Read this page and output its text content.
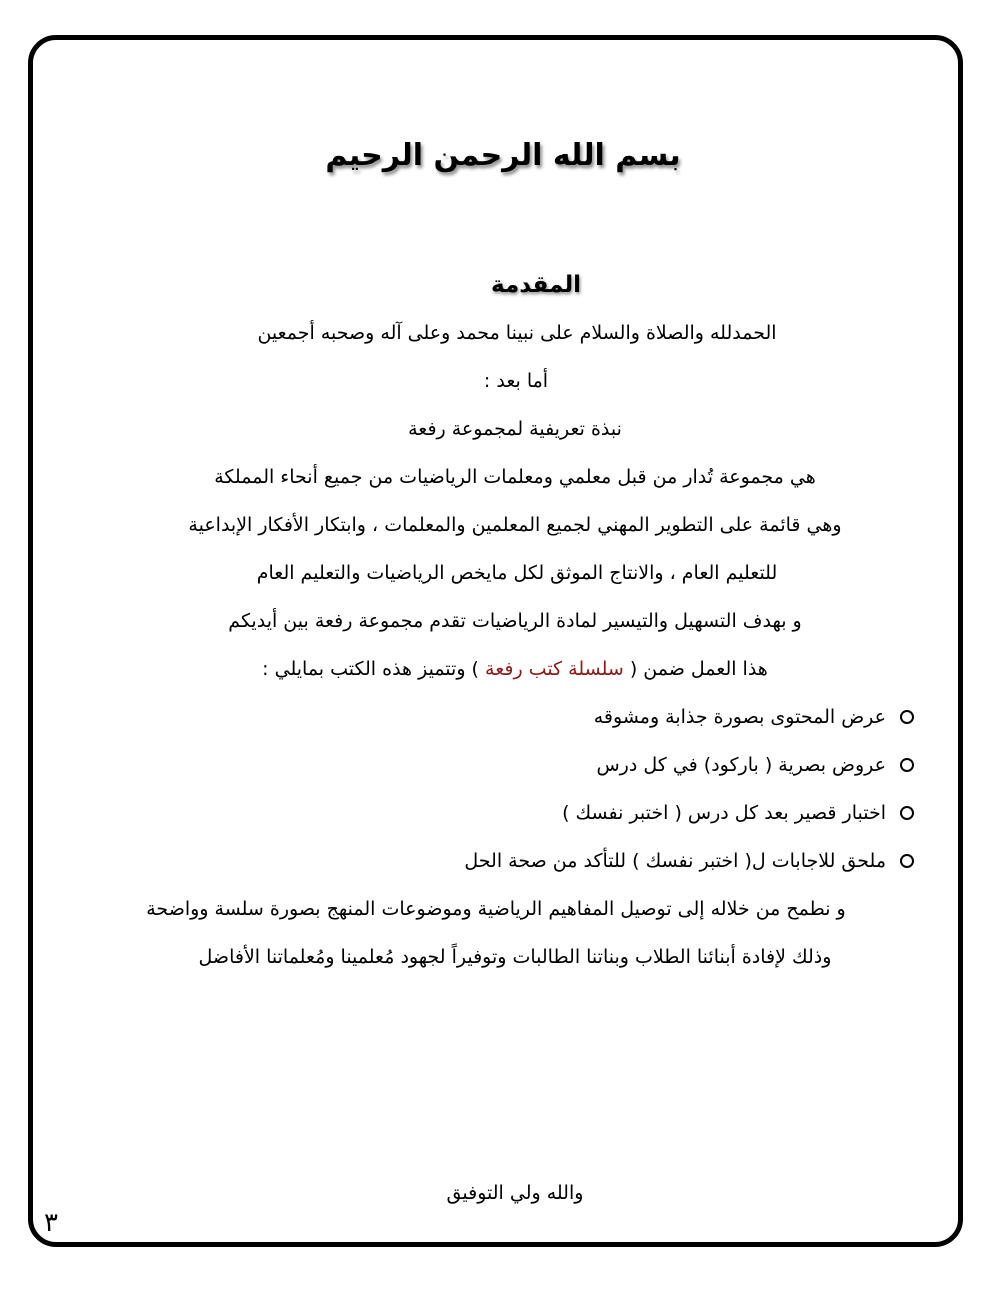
بسم الله الرحمن الرحيم
المقدمة
الحمدلله والصلاة والسلام على نبينا محمد وعلى آله وصحبه أجمعين
أما بعد :
نبذة تعريفية لمجموعة رفعة
هي مجموعة تُدار من قبل معلمي ومعلمات الرياضيات من جميع أنحاء المملكة
وهي قائمة على التطوير المهني لجميع المعلمين والمعلمات ، وابتكار الأفكار الإبداعية
للتعليم العام ، والانتاج الموثق لكل مايخص الرياضيات والتعليم العام
و بهدف التسهيل والتيسير لمادة الرياضيات تقدم مجموعة رفعة بين أيديكم
هذا العمل ضمن ( سلسلة كتب رفعة ) وتتميز هذه الكتب بمايلي :
عرض المحتوى بصورة جذابة ومشوقه
عروض بصرية ( باركود) في كل درس
اختبار قصير بعد كل درس ( اختبر نفسك )
ملحق للاجابات ل( اختبر نفسك ) للتأكد من صحة الحل
و نطمح من خلاله إلى توصيل المفاهيم الرياضية وموضوعات المنهج بصورة سلسة وواضحة
وذلك لإفادة أبنائنا الطلاب وبناتنا الطالبات وتوفيراً لجهود مُعلمينا ومُعلماتنا الأفاضل
والله ولي التوفيق
٣
